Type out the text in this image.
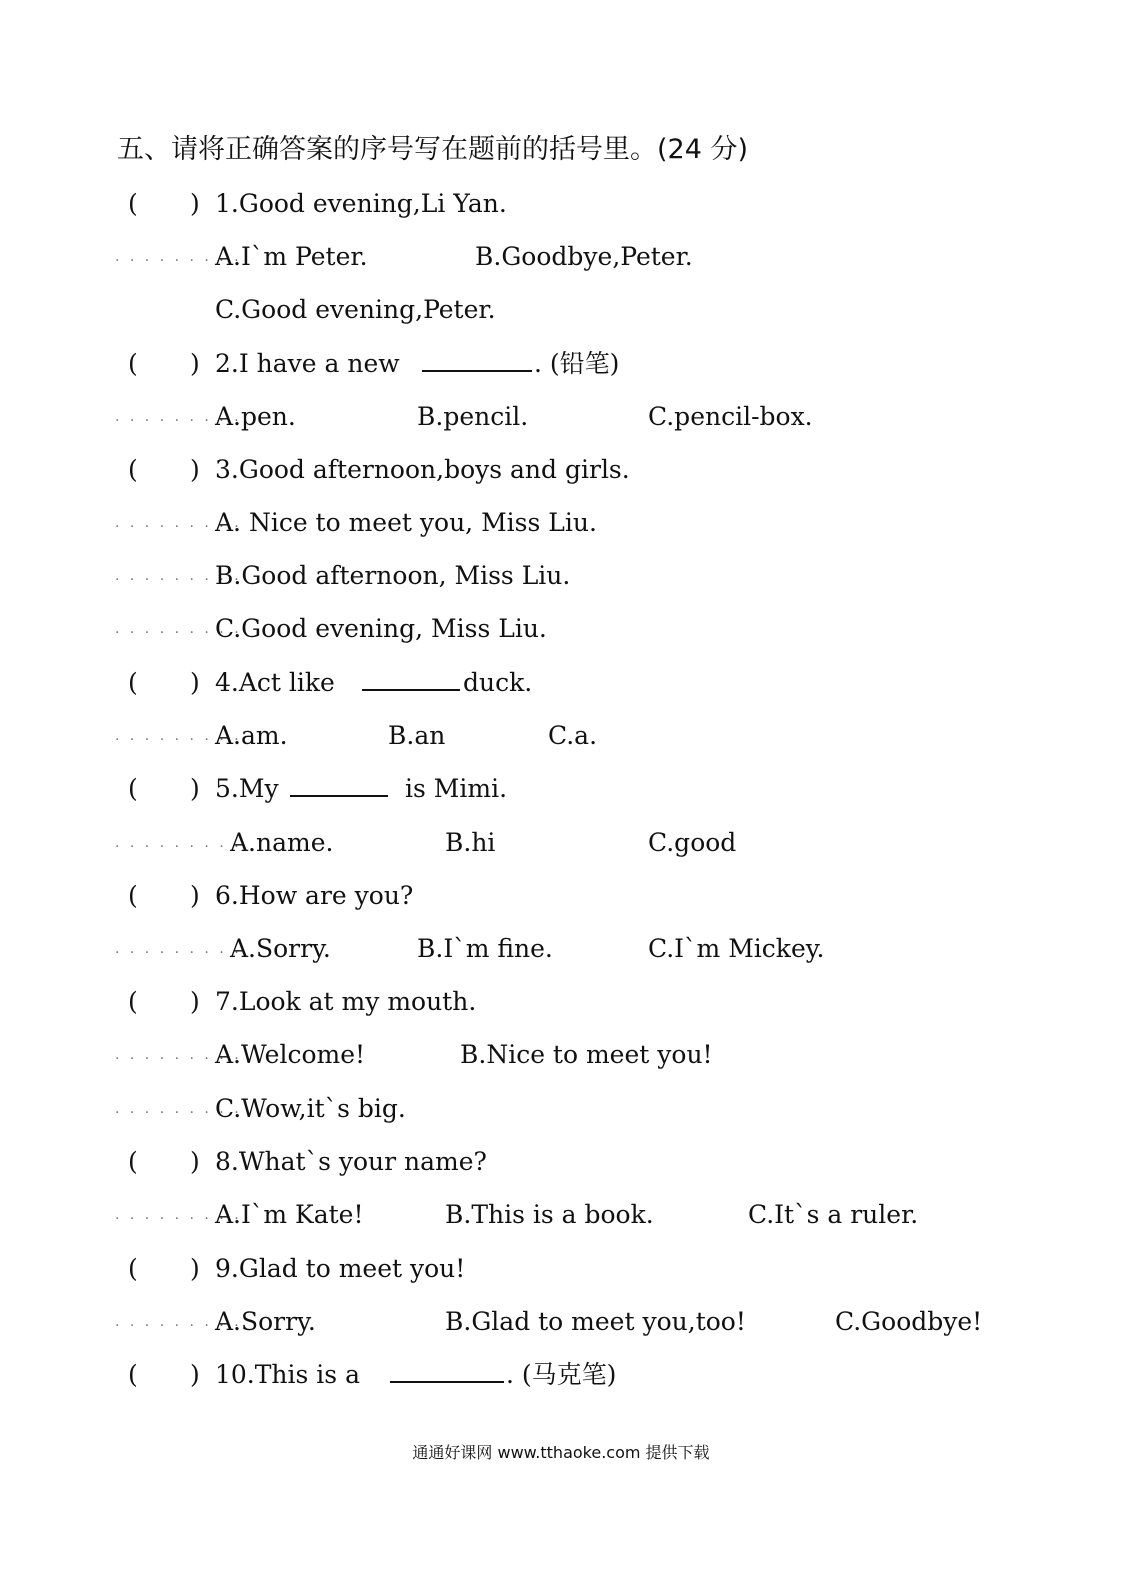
五、请将正确答案的序号写在题前的括号里。(24 分)
( ) 1.Good evening,Li Yan.
. . . . . . . . .
A.I`m Peter.	B.Goodbye,Peter.
C.Good evening,Peter.
( ) 2.I have a new	. (铅笔)
. . . . . . . . .
A.pen.	B.pencil.	C.pencil-box.
( ) 3.Good afternoon,boys and girls.
. . . . . . . . .
A. Nice to meet you, Miss Liu.
. . . . . . . . .
B.Good afternoon, Miss Liu.
. . . . . . . . .
C.Good evening, Miss Liu.
( ) 4.Act like	duck.
. . . . . . . . .
A.am.	B.an	C.a.
( ) 5.My	is Mimi.
. . . . . . . . .
A.name.	B.hi	C.good
( ) 6.How are you?
. . . . . . . . .
A.Sorry.	B.I`m fine.	C.I`m Mickey.
( ) 7.Look at my mouth.
. . . . . . . . .
A.Welcome!	B.Nice to meet you!
. . . . . . . . .
C.Wow,it`s big.
( ) 8.What`s your name?
. . . . . . . . .
A.I`m Kate!	B.This is a book.	C.It`s a ruler.
( ) 9.Glad to meet you!
. . . . . . . . .
A.Sorry.	B.Glad to meet you,too!	C.Goodbye!
( ) 10.This is a	. (马克笔)
通通好课网 www.tthaoke.com 提供下载
